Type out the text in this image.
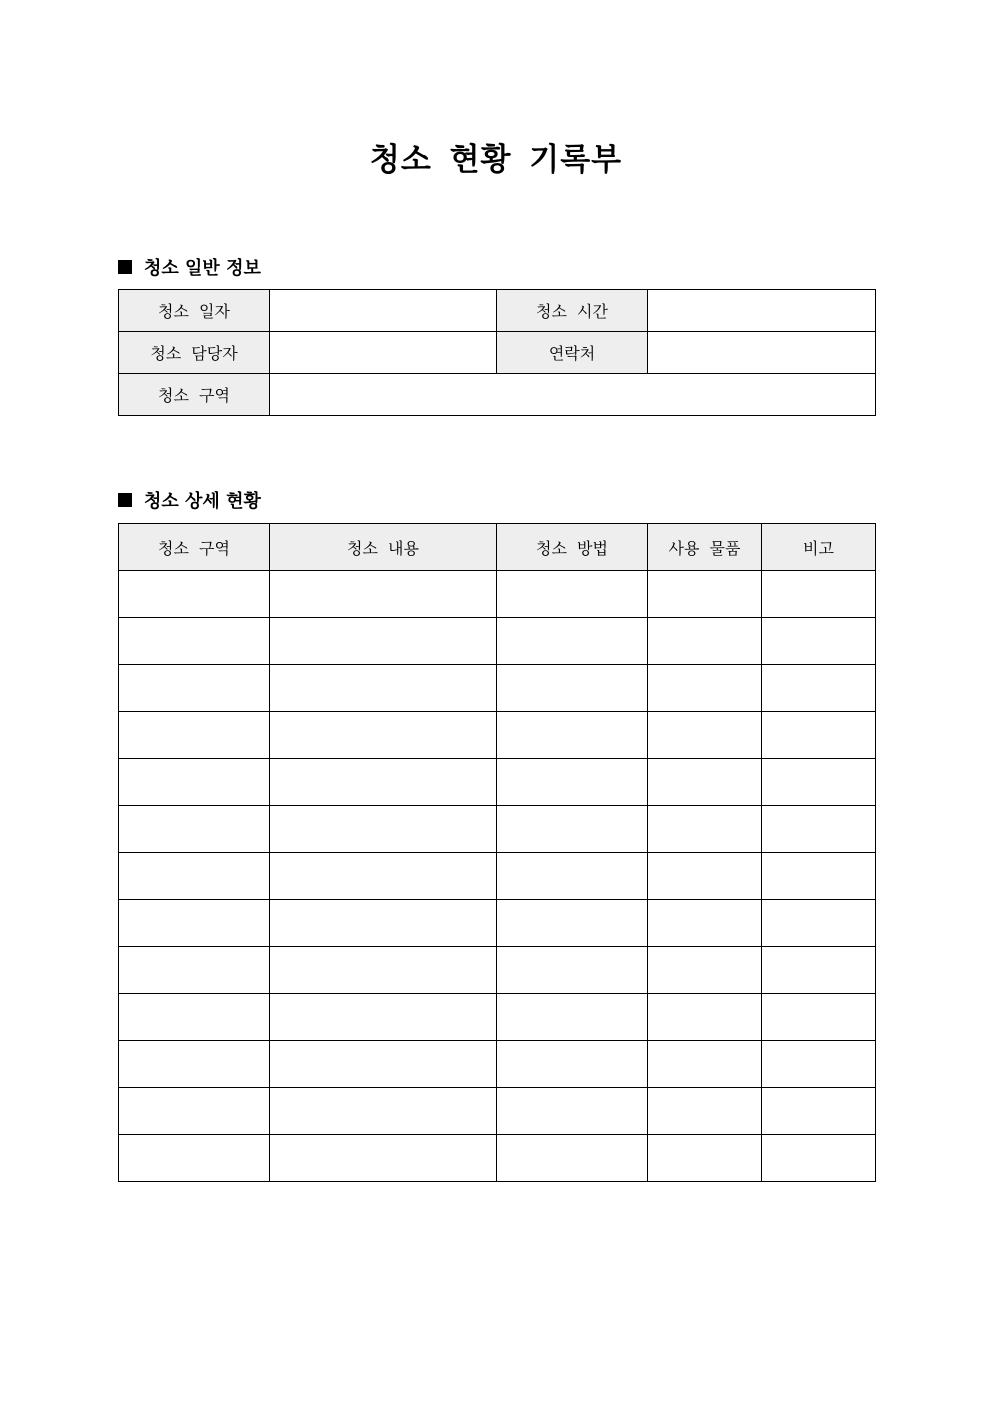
청소 현황 기록부
청소 일반 정보
청소 일자		청소 시간	
청소 담당자		연락처	
청소 구역			
청소 상세 현황
청소 구역	청소 내용	청소 방법	사용 물품	비고
